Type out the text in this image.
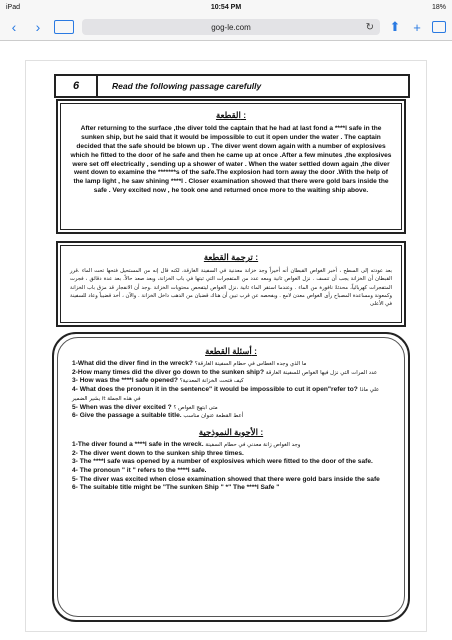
iPad	10:54 PM	18%
‹	›	gog-le.com	↻ ⬆ +
6	Read the following passage carefully
القطعة :
After returning to the surface ,the diver told the captain that he had at last fond a ****l safe in the sunken ship, but he said that it would be impossible to cut it open under the water . The captain decided that the safe should be blown up . The diver went down again with a number of explosives which he fitted to the door of he safe and then he came up at once .After a few minutes ,the explosives were set off electrically , sending up a shower of water . When the water settled down again ,the diver went down to examine the *******s of the safe.The explosion had torn away the door .With the help of the lamp light , he saw shining ****l . Closer examination showed that there were gold bars inside the safe . Very excited now , he took one and returned once more to the waiting ship above.
ترجمة القطعة :
بعد عودته إلى السطح ، أخبر الغواص القبطان أنه أخيراً وجد خزانة معدنية في السفينة الغارقة، لكنه قال إنه من المستحيل فتحها تحت الماء .قرر القبطان أن الخزانة يجب أن تنسف . نزل الغواص ثانية ومعه عدد من المتفجرات التي ثبتها في باب الخزانة، وبعد صعد حالاً. بعد عدة دقائق ، فجرت المتفجرات كهربائياً، محدثةً نافورة من الماء . وعندما استقر الماء ثانية ،نزل الغواص ليتفحص محتويات الخزانة .وجد أن الانفجار قد مزق باب الخزانة وكمعونة ومساعدة المصباح رأى الغواص معدن لامع . وبفحصه عن قرب تبين أن هناك قضبان من الذهب داخل الخزانة . والآن ، أخذ قضيباً وعاد للسفينة في الأعلى
أسئلة القطعة :
1-What did the diver find in the wreck? ما الذي وجده الغطاس في حطام السفينة الغارقة؟
2-How many times did the diver go down to the sunken ship? عدد المرات التي نزل فيها الغواص للسفينة الغارقة
3- How was the ****l safe opened? كيف فتحت الخزانة المعدنية؟
4- What does the pronoun it in the sentence" it would be impossible to cut it open"refer to? علي ماذا يشير الضمير it في هذه الجملة
5- When was the diver excited ? متى ابتهج الغواص ؟
6- Give the passage a suitable title. أعط القطعة عنوان مناسب
الأجوبة النموذجية :
1-The diver found a ****l safe in the wreck. وجد الغواص زانة معدني في حطام السفينة
2- The diver went down to the sunken ship three times.
3- The ****l safe was opened by a number of explosives which were fitted to the door of the safe.
4- The pronoun " it " refers to the ****l safe.
5- The diver was excited when close examination showed that there were gold bars inside the safe
6- The suitable title might be "The sunken Ship " *" The ****l Safe "
